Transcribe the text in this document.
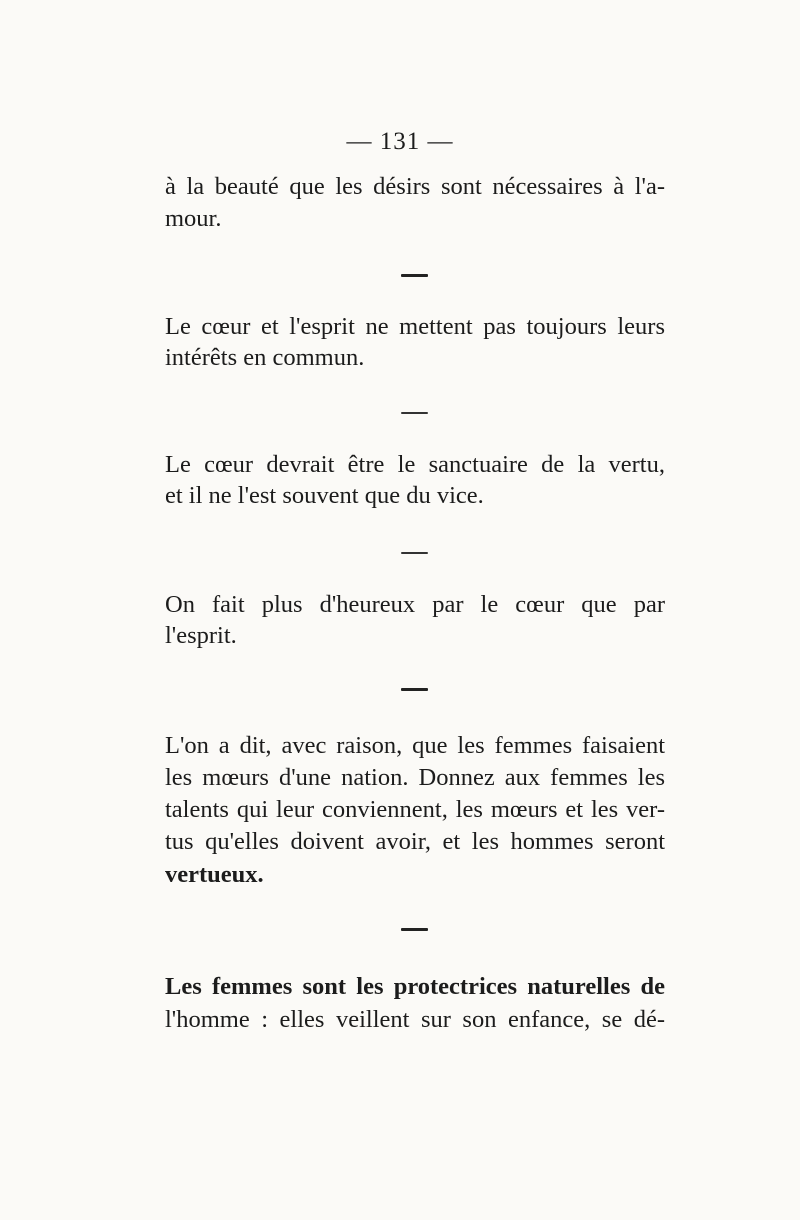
— 131 —
à la beauté que les désirs sont nécessaires à l'a-
mour.
Le cœur et l'esprit ne mettent pas toujours leurs
intérêts en commun.
Le cœur devrait être le sanctuaire de la vertu,
et il ne l'est souvent que du vice.
On fait plus d'heureux par le cœur que par
l'esprit.
L'on a dit, avec raison, que les femmes faisaient
les mœurs d'une nation. Donnez aux femmes les
talents qui leur conviennent, les mœurs et les ver-
tus qu'elles doivent avoir, et les hommes seront
vertueux.
Les femmes sont les protectrices naturelles de
l'homme : elles veillent sur son enfance, se dé-
